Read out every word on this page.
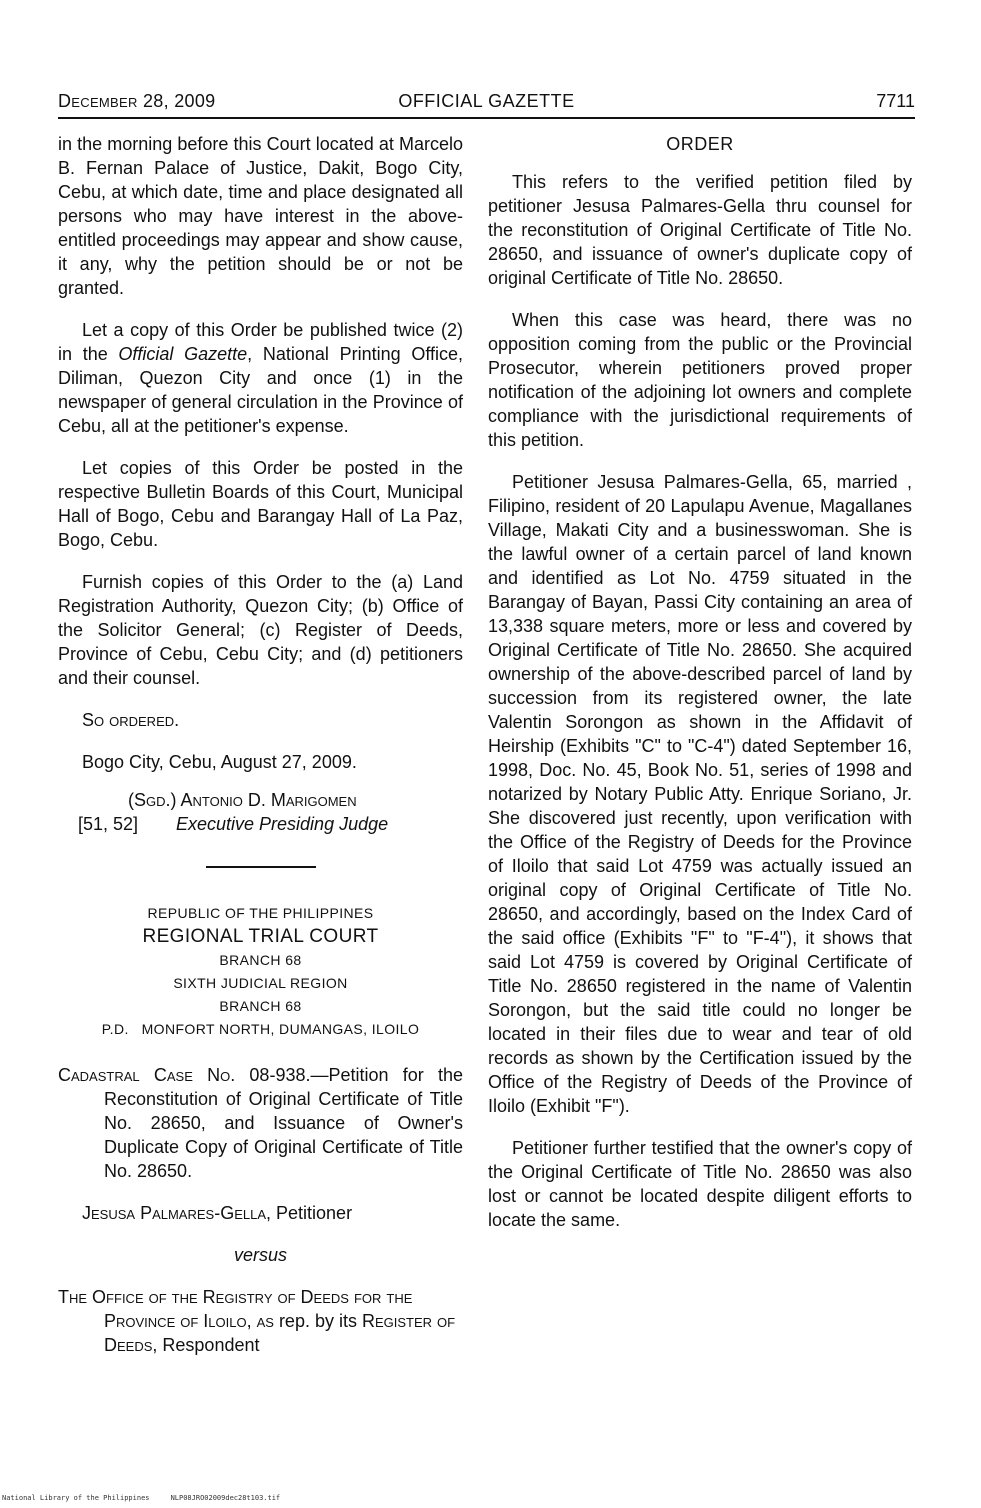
December 28, 2009	OFFICIAL GAZETTE	7711

in the morning before this Court located at Marcelo B. Fernan Palace of Justice, Dakit, Bogo City, Cebu, at which date, time and place designated all persons who may have interest in the above-entitled proceedings may appear and show cause, it any, why the petition should be or not be granted.

Let a copy of this Order be published twice (2) in the Official Gazette, National Printing Office, Diliman, Quezon City and once (1) in the newspaper of general circulation in the Province of Cebu, all at the petitioner's expense.

Let copies of this Order be posted in the respective Bulletin Boards of this Court, Municipal Hall of Bogo, Cebu and Barangay Hall of La Paz, Bogo, Cebu.

Furnish copies of this Order to the (a) Land Registration Authority, Quezon City; (b) Office of the Solicitor General; (c) Register of Deeds, Province of Cebu, Cebu City; and (d) petitioners and their counsel.

So ordered.

Bogo City, Cebu, August 27, 2009.

(Sgd.) Antonio D. Marigomen

[51, 52] Executive Presiding Judge
REPUBLIC OF THE PHILIPPINES
REGIONAL TRIAL COURT
BRANCH 68
SIXTH JUDICIAL REGION
BRANCH 68
P.D.   MONFORT NORTH, DUMANGAS, ILOILO

Cadastral Case No. 08-938.—Petition for the Reconstitution of Original Certificate of Title No. 28650, and Issuance of Owner's Duplicate Copy of Original Certificate of Title No. 28650.

Jesusa Palmares-Gella, Petitioner

versus

The Office of the Registry of Deeds for the Province of Iloilo, as rep. by its Register of Deeds, Respondent

ORDER

This refers to the verified petition filed by petitioner Jesusa Palmares-Gella thru counsel for the reconstitution of Original Certificate of Title No. 28650, and issuance of owner's duplicate copy of original Certificate of Title No. 28650.

When this case was heard, there was no opposition coming from the public or the Provincial Prosecutor, wherein petitioners proved proper notification of the adjoining lot owners and complete compliance with the jurisdictional requirements of this petition.

Petitioner Jesusa Palmares-Gella, 65, married , Filipino, resident of 20 Lapulapu Avenue, Magallanes Village, Makati City and a businesswoman. She is the lawful owner of a certain parcel of land known and identified as Lot No. 4759 situated in the Barangay of Bayan, Passi City containing an area of 13,338 square meters, more or less and covered by Original Certificate of Title No. 28650. She acquired ownership of the above-described parcel of land by succession from its registered owner, the late Valentin Sorongon as shown in the Affidavit of Heirship (Exhibits "C" to "C-4") dated September 16, 1998, Doc. No. 45, Book No. 51, series of 1998 and notarized by Notary Public Atty. Enrique Soriano, Jr. She discovered just recently, upon verification with the Office of the Registry of Deeds for the Province of Iloilo that said Lot 4759 was actually issued an original copy of Original Certificate of Title No. 28650, and accordingly, based on the Index Card of the said office (Exhibits "F" to "F-4"), it shows that said Lot 4759 is covered by Original Certificate of Title No. 28650 registered in the name of Valentin Sorongon, but the said title could no longer be located in their files due to wear and tear of old records as shown by the Certification issued by the Office of the Registry of Deeds of the Province of Iloilo (Exhibit "F").

Petitioner further testified that the owner's copy of the Original Certificate of Title No. 28650 was also lost or cannot be located despite diligent efforts to locate the same.

National Library of the Philippines     NLP08JRO02009dec28t103.tif
